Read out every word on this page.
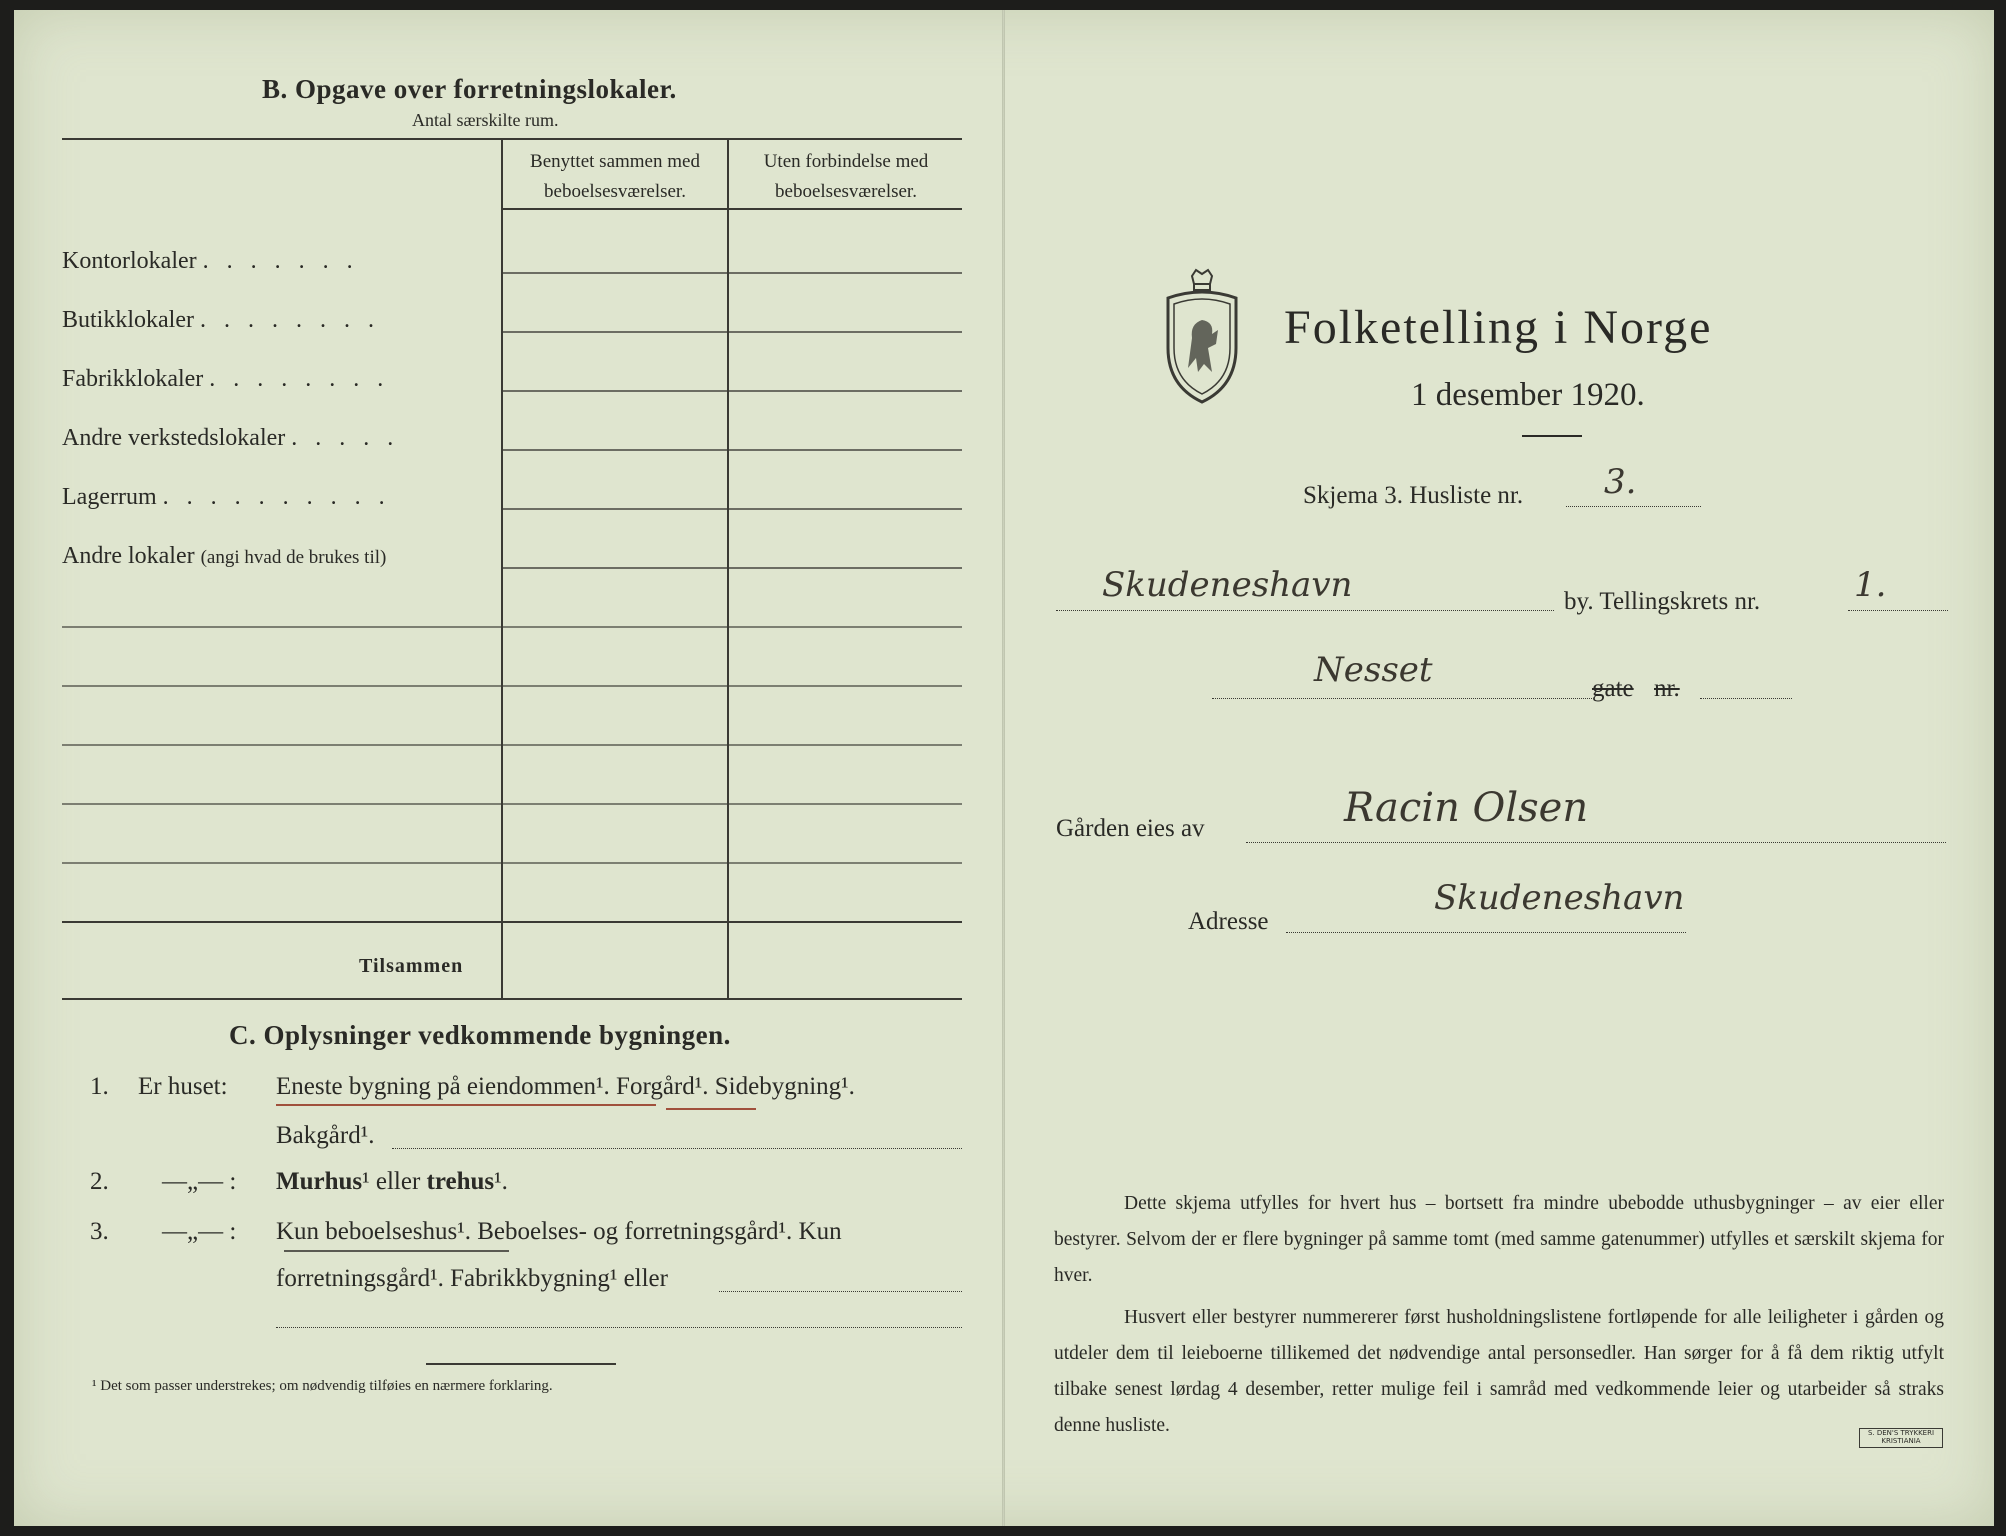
B. Opgave over forretningslokaler.
Antal særskilte rum.
Benyttet sammen med beboelsesværelser.
Uten forbindelse med beboelsesværelser.
Kontorlokaler . . . . . . .
Butikklokaler . . . . . . . .
Fabrikklokaler . . . . . . . .
Andre verkstedslokaler . . . . .
Lagerrum . . . . . . . . . .
Andre lokaler (angi hvad de brukes til)
Tilsammen
C. Oplysninger vedkommende bygningen.
1. Er huset: Eneste bygning på eiendommen¹. Forgård¹. Sidebygning¹.
Bakgård¹.
2. —„— : Murhus¹ eller trehus¹.
3. —„— : Kun beboelseshus¹. Beboelses- og forretningsgård¹. Kun
forretningsgård¹. Fabrikkbygning¹ eller
¹ Det som passer understrekes; om nødvendig tilføies en nærmere forklaring.
Folketelling i Norge
1 desember 1920.
Skjema 3. Husliste nr. 3.
Skudeneshavn	by. Tellingskrets nr.	1.
Nesset	gate nr.
Gården eies av	Racin Olsen
Adresse
Skudeneshavn
Dette skjema utfylles for hvert hus – bortsett fra mindre ubebodde uthusbygninger – av eier eller bestyrer. Selvom der er flere bygninger på samme tomt (med samme gatenummer) utfylles et særskilt skjema for hver.
Husvert eller bestyrer nummererer først husholdningslistene fortløpende for alle leiligheter i gården og utdeler dem til leieboerne tillikemed det nødvendige antal personsedler. Han sørger for å få dem riktig utfylt tilbake senest lørdag 4 desember, retter mulige feil i samråd med vedkommende leier og utarbeider så straks denne husliste.	S. DEN'S TRYKKERI KRISTIANIA
